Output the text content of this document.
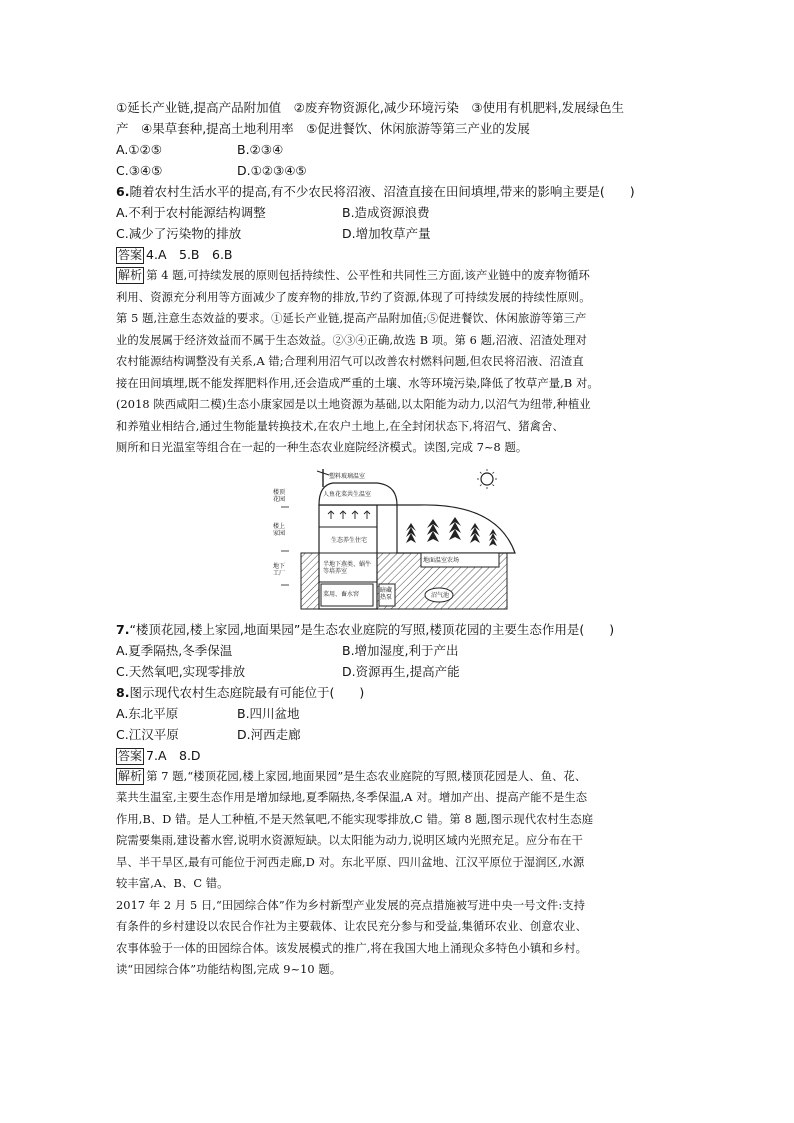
①延长产业链,提高产品附加值　②废弃物资源化,减少环境污染　③使用有机肥料,发展绿色生
产　④果草套种,提高土地利用率　⑤促进餐饮、休闲旅游等第三产业的发展
A.①②⑤	B.②③④
C.③④⑤	D.①②③④⑤
6.随着农村生活水平的提高,有不少农民将沼液、沼渣直接在田间填埋,带来的影响主要是(　　)
A.不利于农村能源结构调整	B.造成资源浪费
C.减少了污染物的排放	D.增加牧草产量
答案 4.A　5.B　6.B
解析 第 4 题,可持续发展的原则包括持续性、公平性和共同性三方面,该产业链中的废弃物循环
利用、资源充分利用等方面减少了废弃物的排放,节约了资源,体现了可持续发展的持续性原则。
第 5 题,注意生态效益的要求。①延长产业链,提高产品附加值;⑤促进餐饮、休闲旅游等第三产
业的发展属于经济效益而不属于生态效益。②③④正确,故选 B 项。第 6 题,沼液、沼渣处理对
农村能源结构调整没有关系,A 错;合理利用沼气可以改善农村燃料问题,但农民将沼液、沼渣直
接在田间填埋,既不能发挥肥料作用,还会造成严重的土壤、水等环境污染,降低了牧草产量,B 对。
(2018 陕西咸阳二模)生态小康家园是以土地资源为基础,以太阳能为动力,以沼气为纽带,种植业
和养殖业相结合,通过生物能量转换技术,在农户土地上,在全封闭状态下,将沼气、猪禽舍、
厕所和日光温室等组合在一起的一种生态农业庭院经济模式。读图,完成 7~8 题。
楼顶花园
楼上家园
地下工厂
塑料玻璃温室
人鱼花菜共生温室
生态养生住宅
半地下燕类、蜗牛等培养室
地面温室农场
菜用、畜水窖
暗藏热泵	沼气池
7.“楼顶花园,楼上家园,地面果园”是生态农业庭院的写照,楼顶花园的主要生态作用是(　　)
A.夏季隔热,冬季保温	B.增加湿度,利于产出
C.天然氧吧,实现零排放	D.资源再生,提高产能
8.图示现代农村生态庭院最有可能位于(　　)
A.东北平原	B.四川盆地
C.江汉平原	D.河西走廊
答案 7.A　8.D
解析 第 7 题,“楼顶花园,楼上家园,地面果园”是生态农业庭院的写照,楼顶花园是人、鱼、花、
菜共生温室,主要生态作用是增加绿地,夏季隔热,冬季保温,A 对。增加产出、提高产能不是生态
作用,B、D 错。是人工种植,不是天然氧吧,不能实现零排放,C 错。第 8 题,图示现代农村生态庭
院需要集雨,建设蓄水窖,说明水资源短缺。以太阳能为动力,说明区域内光照充足。应分布在干
旱、半干旱区,最有可能位于河西走廊,D 对。东北平原、四川盆地、江汉平原位于湿润区,水源
较丰富,A、B、C 错。
2017 年 2 月 5 日,“田园综合体”作为乡村新型产业发展的亮点措施被写进中央一号文件:支持
有条件的乡村建设以农民合作社为主要载体、让农民充分参与和受益,集循环农业、创意农业、
农事体验于一体的田园综合体。该发展模式的推广,将在我国大地上涌现众多特色小镇和乡村。
读“田园综合体”功能结构图,完成 9~10 题。
